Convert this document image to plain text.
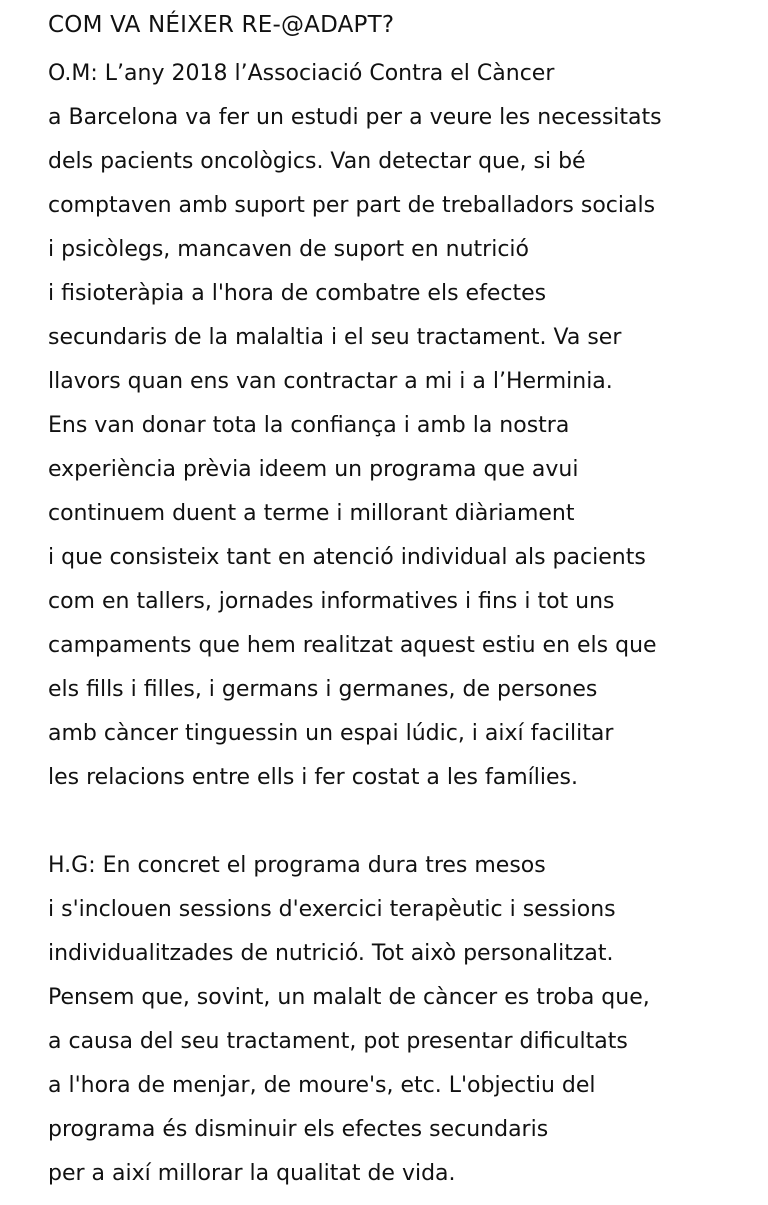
COM VA NÉIXER RE-@ADAPT?

O.M: L’any 2018 l’Associació Contra el Càncer
a Barcelona va fer un estudi per a veure les necessitats
dels pacients oncològics. Van detectar que, si bé
comptaven amb suport per part de treballadors socials
i psicòlegs, mancaven de suport en nutrició
i fisioteràpia a l'hora de combatre els efectes
secundaris de la malaltia i el seu tractament. Va ser
llavors quan ens van contractar a mi i a l’Herminia.
Ens van donar tota la confiança i amb la nostra
experiència prèvia ideem un programa que avui
continuem duent a terme i millorant diàriament
i que consisteix tant en atenció individual als pacients
com en tallers, jornades informatives i fins i tot uns
campaments que hem realitzat aquest estiu en els que
els fills i filles, i germans i germanes, de persones
amb càncer tinguessin un espai lúdic, i així facilitar
les relacions entre ells i fer costat a les famílies.

H.G: En concret el programa dura tres mesos
i s'inclouen sessions d'exercici terapèutic i sessions
individualitzades de nutrició. Tot això personalitzat.
Pensem que, sovint, un malalt de càncer es troba que,
a causa del seu tractament, pot presentar dificultats
a l'hora de menjar, de moure's, etc. L'objectiu del
programa és disminuir els efectes secundaris
per a així millorar la qualitat de vida.
